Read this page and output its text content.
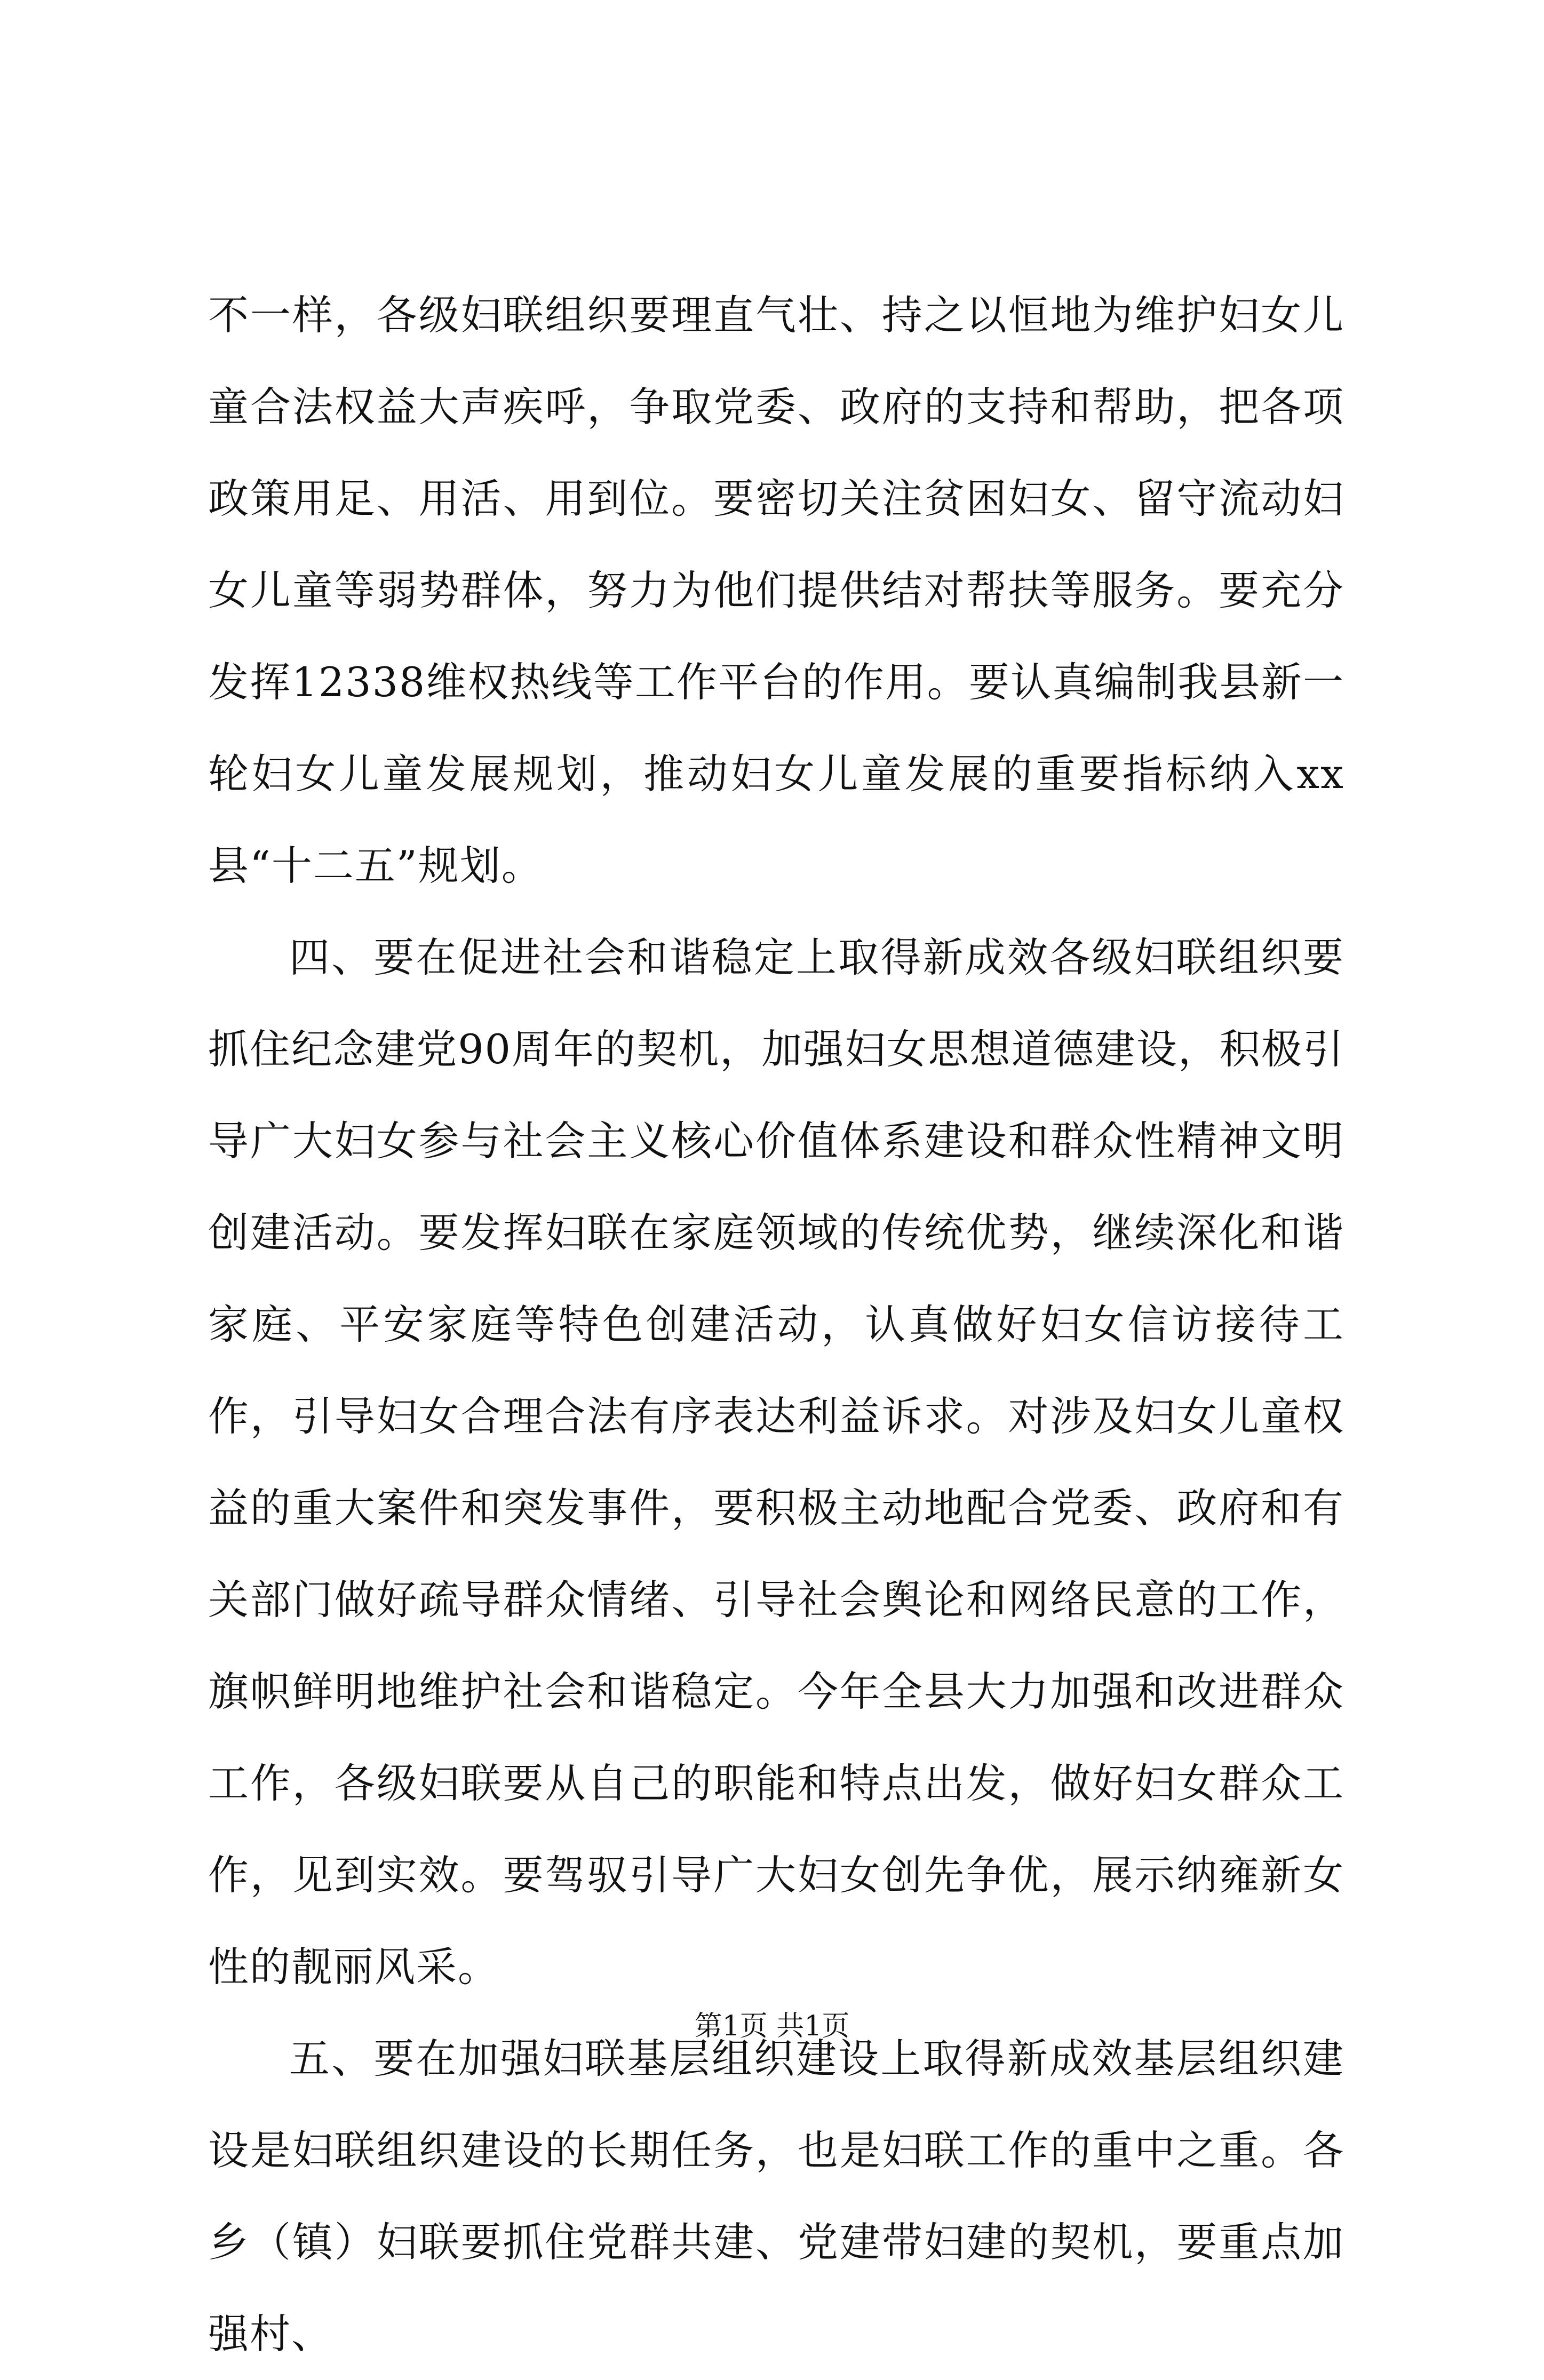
不一样，各级妇联组织要理直气壮、持之以恒地为维护妇女儿童合法权益大声疾呼，争取党委、政府的支持和帮助，把各项政策用足、用活、用到位。要密切关注贫困妇女、留守流动妇女儿童等弱势群体，努力为他们提供结对帮扶等服务。要充分发挥12338维权热线等工作平台的作用。要认真编制我县新一轮妇女儿童发展规划，推动妇女儿童发展的重要指标纳入xx县“十二五”规划。

四、要在促进社会和谐稳定上取得新成效各级妇联组织要抓住纪念建党90周年的契机，加强妇女思想道德建设，积极引导广大妇女参与社会主义核心价值体系建设和群众性精神文明创建活动。要发挥妇联在家庭领域的传统优势，继续深化和谐家庭、平安家庭等特色创建活动，认真做好妇女信访接待工作，引导妇女合理合法有序表达利益诉求。对涉及妇女儿童权益的重大案件和突发事件，要积极主动地配合党委、政府和有关部门做好疏导群众情绪、引导社会舆论和网络民意的工作，旗帜鲜明地维护社会和谐稳定。今年全县大力加强和改进群众工作，各级妇联要从自己的职能和特点出发，做好妇女群众工作，见到实效。要驾驭引导广大妇女创先争优，展示纳雍新女性的靓丽风采。

五、要在加强妇联基层组织建设上取得新成效基层组织建设是妇联组织建设的长期任务，也是妇联工作的重中之重。各乡（镇）妇联要抓住党群共建、党建带妇建的契机，要重点加强村、

第1页 共1页
